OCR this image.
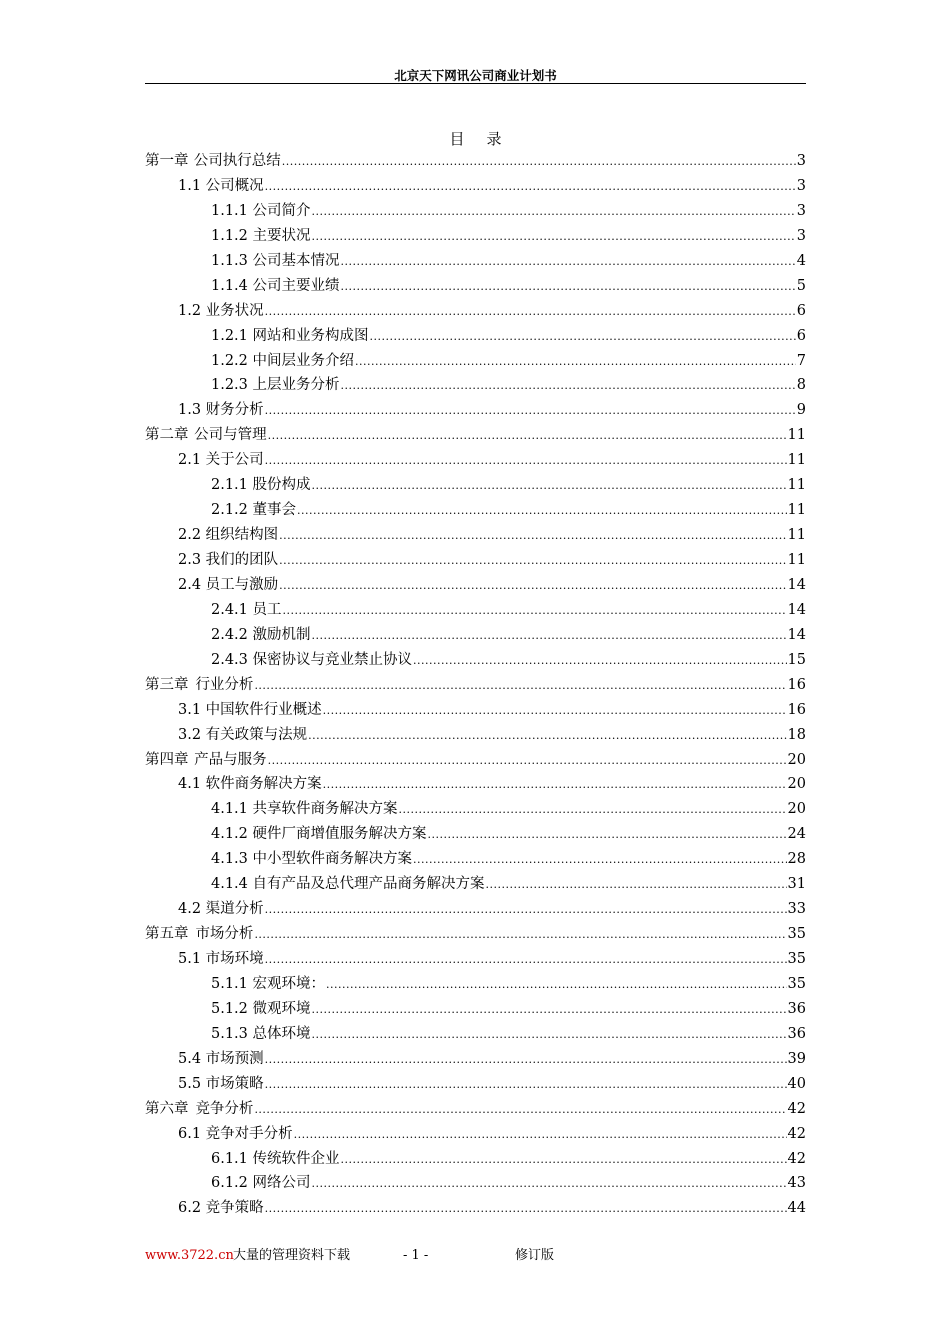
北京天下网讯公司商业计划书
目录
第一章 公司执行总结 .....	3
1.1 公司概况 .....	3
1.1.1 公司简介 .....	3
1.1.2 主要状况 .....	3
1.1.3 公司基本情况 .....	4
1.1.4 公司主要业绩 .....	5
1.2 业务状况 .....	6
1.2.1 网站和业务构成图 .....	6
1.2.2 中间层业务介绍 .....	7
1.2.3 上层业务分析 .....	8
1.3 财务分析 .....	9
第二章 公司与管理 .....	11
2.1 关于公司 .....	11
2.1.1 股份构成 .....	11
2.1.2 董事会 .....	11
2.2 组织结构图 .....	11
2.3 我们的团队 .....	11
2.4 员工与激励 .....	14
2.4.1 员工 .....	14
2.4.2 激励机制 .....	14
2.4.3 保密协议与竞业禁止协议 .....	15
第三章 行业分析 .....	16
3.1 中国软件行业概述 .....	16
3.2 有关政策与法规 .....	18
第四章 产品与服务 .....	20
4.1 软件商务解决方案 .....	20
4.1.1 共享软件商务解决方案 .....	20
4.1.2 硬件厂商增值服务解决方案 .....	24
4.1.3 中小型软件商务解决方案 .....	28
4.1.4 自有产品及总代理产品商务解决方案 .....	31
4.2 渠道分析 .....	33
第五章 市场分析 .....	35
5.1 市场环境 .....	35
5.1.1 宏观环境： .....	35
5.1.2 微观环境 .....	36
5.1.3 总体环境 .....	36
5.4 市场预测 .....	39
5.5 市场策略 .....	40
第六章 竞争分析 .....	42
6.1 竞争对手分析 .....	42
6.1.1 传统软件企业 .....	42
6.1.2 网络公司 .....	43
6.2 竞争策略 .....	44
www.3722.cn 大量的管理资料下载	- 1 -	修订版
